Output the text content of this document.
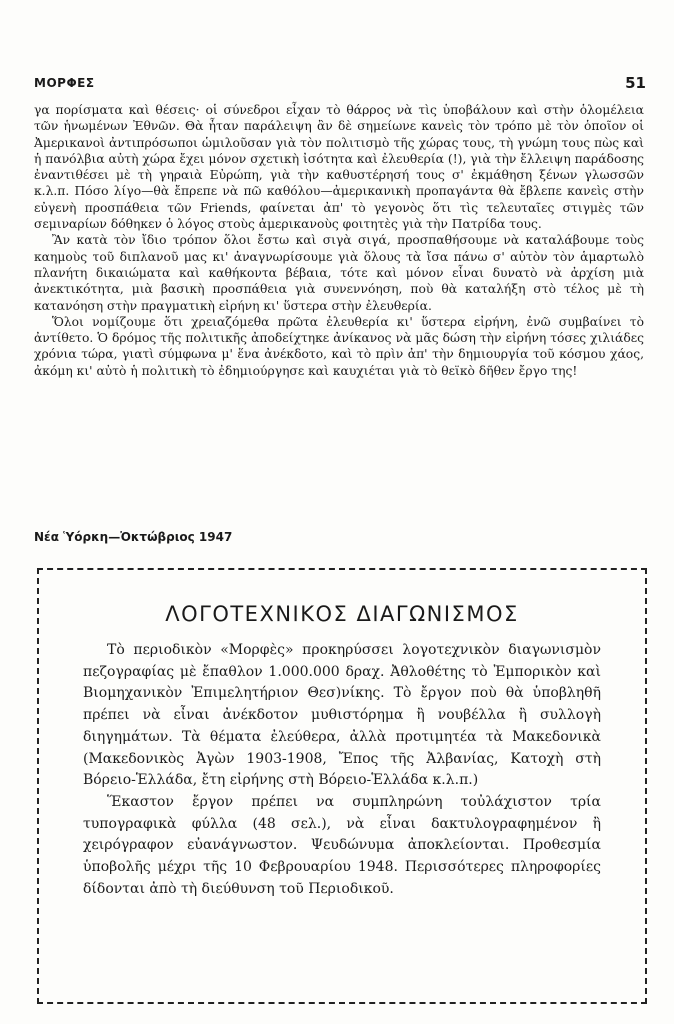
ΜΟΡΦΕΣ	51

γα πορίσματα καὶ θέσεις· οἱ σύνεδροι εἶχαν τὸ θάρρος νὰ τὶς ὑποβάλουν καὶ στὴν ὁλομέλεια τῶν ἡνωμένων Ἐθνῶν. Θὰ ἦταν παράλειψη ἂν δὲ σημείωνε κανεὶς τὸν τρόπο μὲ τὸν ὁποῖον οἱ Ἀμερικανοὶ ἀντιπρόσωποι ὡμιλοῦσαν γιὰ τὸν πολιτισμὸ τῆς χώρας τους, τὴ γνώμη τους πὼς καὶ ἡ πανόλβια αὐτὴ χώρα ἔχει μόνον σχετικὴ ἰσότητα καὶ ἐλευθερία (!), γιὰ τὴν ἔλλειψη παράδοσης ἐναντιθέσει μὲ τὴ γηραιὰ Εὐρώπη, γιὰ τὴν καθυστέρησή τους σ' ἐκμάθηση ξένων γλωσσῶν κ.λ.π. Πόσο λίγο—θὰ ἔπρεπε νὰ πῶ καθόλου—ἀμερικανικὴ προπαγάντα θὰ ἔβλεπε κανεὶς στὴν εὐγενὴ προσπάθεια τῶν Friends, φαίνεται ἀπ' τὸ γεγονὸς ὅτι τὶς τελευταῖες στιγμὲς τῶν σεμιναρίων δόθηκεν ὁ λόγος στοὺς ἀμερικανοὺς φοιτητὲς γιὰ τὴν Πατρίδα τους.

Ἂν κατὰ τὸν ἴδιο τρόπον ὅλοι ἔστω καὶ σιγὰ σιγά, προσπαθήσουμε νὰ καταλάβουμε τοὺς καημοὺς τοῦ διπλανοῦ μας κι' ἀναγνωρίσουμε γιὰ ὅλους τὰ ἴσα πάνω σ' αὐτὸν τὸν ἁμαρτωλὸ πλανήτη δικαιώματα καὶ καθήκοντα βέβαια, τότε καὶ μόνον εἶναι δυνατὸ νὰ ἀρχίση μιὰ ἀνεκτικότητα, μιὰ βασικὴ προσπάθεια γιὰ συνεννόηση, ποὺ θὰ καταλήξη στὸ τέλος μὲ τὴ κατανόηση στὴν πραγματικὴ εἰρήνη κι' ὕστερα στὴν ἐλευθερία.

Ὅλοι νομίζουμε ὅτι χρειαζόμεθα πρῶτα ἐλευθερία κι' ὕστερα εἰρήνη, ἐνῶ συμβαίνει τὸ ἀντίθετο. Ὁ δρόμος τῆς πολιτικῆς ἀποδείχτηκε ἀνίκανος νὰ μᾶς δώση τὴν εἰρήνη τόσες χιλιάδες χρόνια τώρα, γιατὶ σύμφωνα μ' ἕνα ἀνέκδοτο, καὶ τὸ πρὶν ἀπ' τὴν δημιουργία τοῦ κόσμου χάος, ἀκόμη κι' αὐτὸ ἡ πολιτικὴ τὸ ἐδημιούργησε καὶ καυχιέται γιὰ τὸ θεϊκὸ δῆθεν ἔργο της!

Νέα Ὑόρκη—Ὀκτώβριος 1947
ΛΟΓΟΤΕΧΝΙΚΟΣ ΔΙΑΓΩΝΙΣΜΟΣ

Τὸ περιοδικὸν «Μορφὲς» προκηρύσσει λογοτεχνικὸν διαγωνισμὸν πεζογραφίας μὲ ἔπαθλον 1.000.000 δραχ. Ἀθλοθέτης τὸ Ἐμπορικὸν καὶ Βιομηχανικὸν Ἐπιμελητήριον Θεσ)νίκης. Τὸ ἔργον ποὺ θὰ ὑποβληθῆ πρέπει νὰ εἶναι ἀνέκδοτον μυθιστόρημα ἢ νουβέλλα ἢ συλλογὴ διηγημάτων. Τὰ θέματα ἐλεύθερα, ἀλλὰ προτιμητέα τὰ Μακεδονικὰ (Μακεδονικὸς Ἀγὼν 1903-1908, Ἔπος τῆς Ἀλβανίας, Κατοχὴ στὴ Βόρειο-Ἑλλάδα, ἔτη εἰρήνης στὴ Βόρειο-Ἑλλάδα κ.λ.π.)

Ἕκαστον ἔργον πρέπει να συμπληρώνη τοὐλάχιστον τρία τυπογραφικὰ φύλλα (48 σελ.), νὰ εἶναι δακτυλογραφημένον ἢ χειρόγραφον εὐανάγνωστον. Ψευδώνυμα ἀποκλείονται. Προθεσμία ὑποβολῆς μέχρι τῆς 10 Φεβρουαρίου 1948. Περισσότερες πληροφορίες δίδονται ἀπὸ τὴ διεύθυνση τοῦ Περιοδικοῦ.
